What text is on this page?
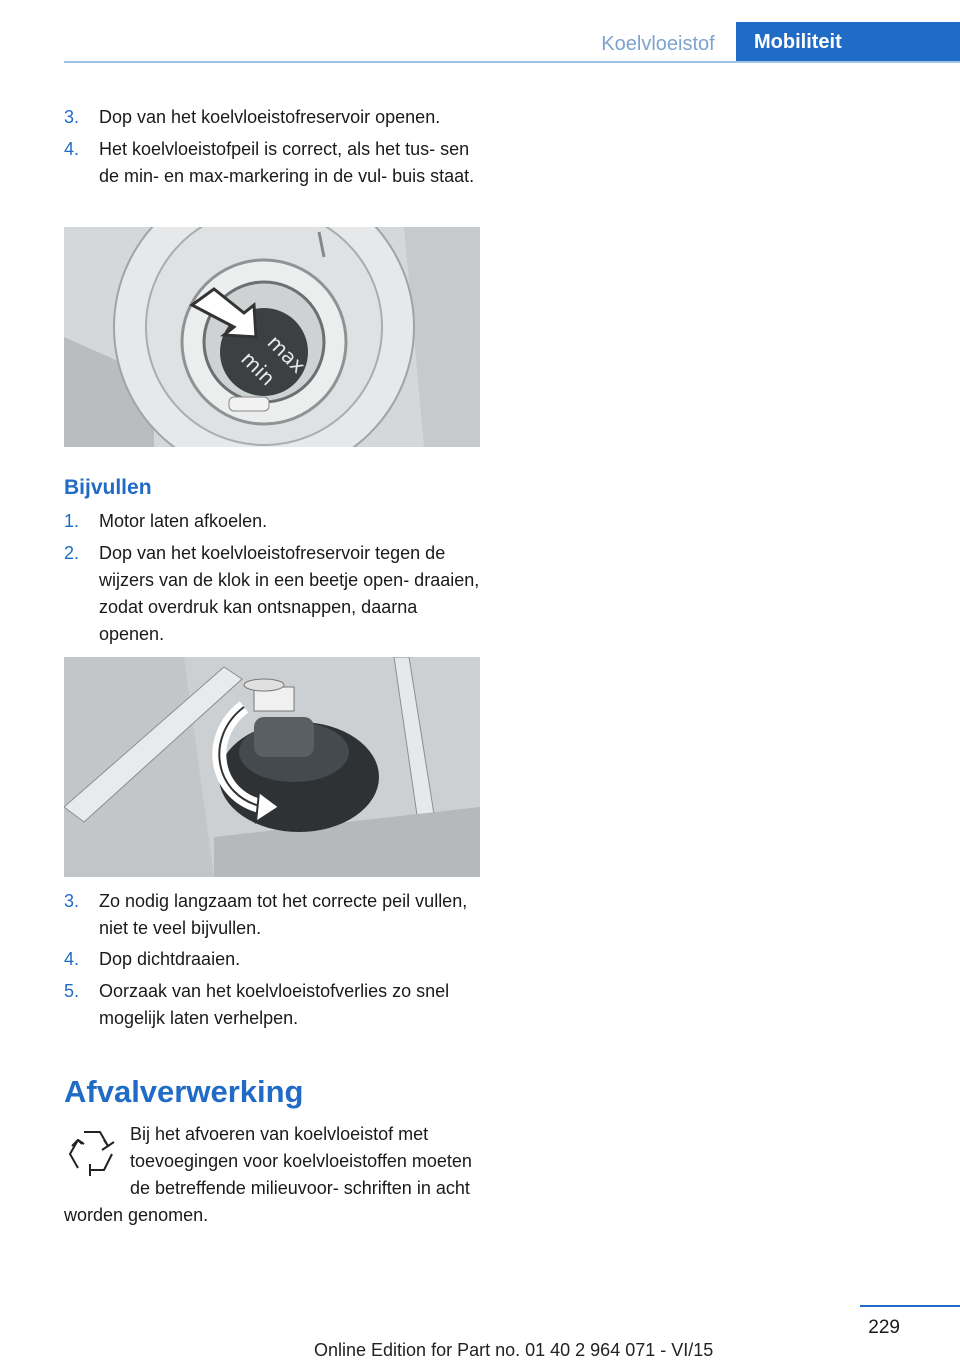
Koelvloeistof	Mobiliteit
3. Dop van het koelvloeistofreservoir openen.
4. Het koelvloeistofpeil is correct, als het tus- sen de min- en max-markering in de vul- buis staat.
max
min
Bijvullen
1. Motor laten afkoelen.
2. Dop van het koelvloeistofreservoir tegen de wijzers van de klok in een beetje open- draaien, zodat overdruk kan ontsnappen, daarna openen.
3. Zo nodig langzaam tot het correcte peil vullen, niet te veel bijvullen.
4. Dop dichtdraaien.
5. Oorzaak van het koelvloeistofverlies zo snel mogelijk laten verhelpen.
Afvalverwerking
Bij het afvoeren van koelvloeistof met toevoegingen voor koelvloeistoffen moeten de betreffende milieuvoor- schriften in acht worden genomen.
229
Online Edition for Part no. 01 40 2 964 071 - VI/15
